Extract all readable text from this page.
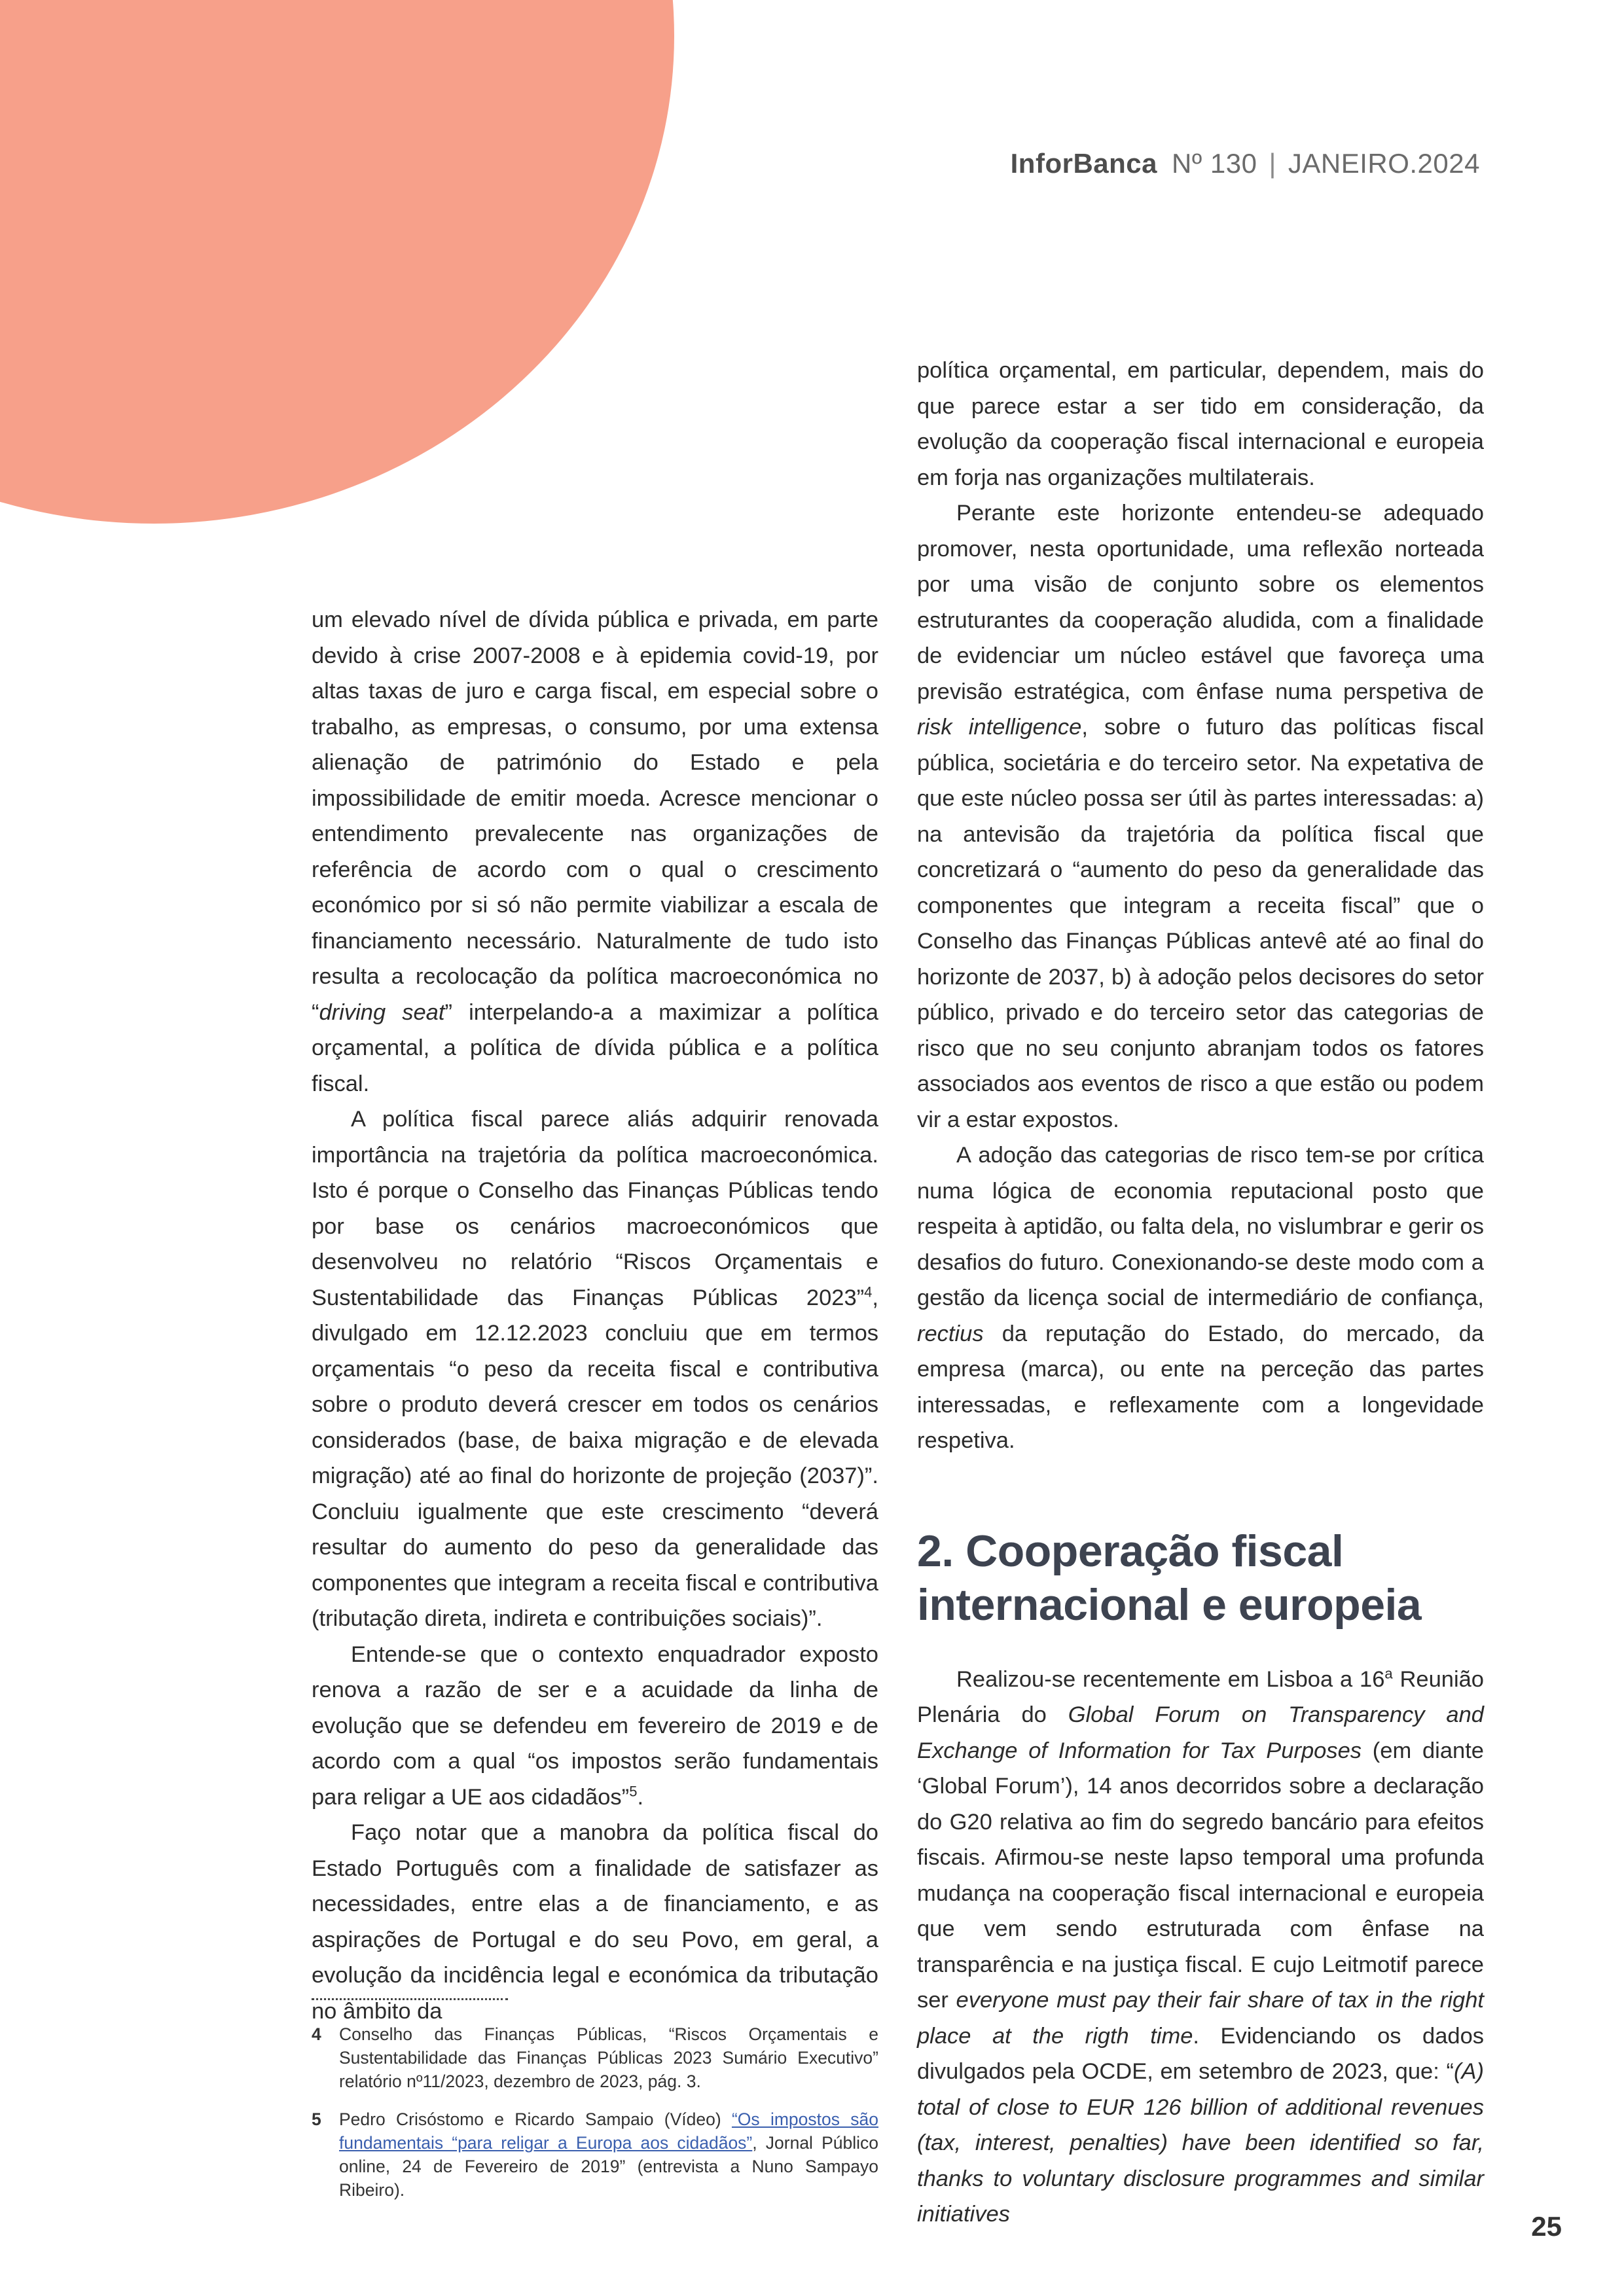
InforBanca Nº 130 | JANEIRO.2024

um elevado nível de dívida pública e privada, em parte devido à crise 2007-2008 e à epidemia covid-19, por altas taxas de juro e carga fiscal, em especial sobre o trabalho, as empresas, o consumo, por uma extensa alienação de património do Estado e pela impossibilidade de emitir moeda. Acresce mencionar o entendimento prevalecente nas organizações de referência de acordo com o qual o crescimento económico por si só não permite viabilizar a escala de financiamento necessário. Naturalmente de tudo isto resulta a recolocação da política macroeconómica no “driving seat” interpelando-a a maximizar a política orçamental, a política de dívida pública e a política fiscal.

A política fiscal parece aliás adquirir renovada importância na trajetória da política macroeconómica. Isto é porque o Conselho das Finanças Públicas tendo por base os cenários macroeconómicos que desenvolveu no relatório “Riscos Orçamentais e Sustentabilidade das Finanças Públicas 2023”$^4$, divulgado em 12.12.2023 concluiu que em termos orçamentais “o peso da receita fiscal e contributiva sobre o produto deverá crescer em todos os cenários considerados (base, de baixa migração e de elevada migração) até ao final do horizonte de projeção (2037)”. Concluiu igualmente que este crescimento “deverá resultar do aumento do peso da generalidade das componentes que integram a receita fiscal e contributiva (tributação direta, indireta e contribuições sociais)”.

Entende-se que o contexto enquadrador exposto renova a razão de ser e a acuidade da linha de evolução que se defendeu em fevereiro de 2019 e de acordo com a qual “os impostos serão fundamentais para religar a UE aos cidadãos”$^5$.

Faço notar que a manobra da política fiscal do Estado Português com a finalidade de satisfazer as necessidades, entre elas a de financiamento, e as aspirações de Portugal e do seu Povo, em geral, a evolução da incidência legal e económica da tributação no âmbito da

política orçamental, em particular, dependem, mais do que parece estar a ser tido em consideração, da evolução da cooperação fiscal internacional e europeia em forja nas organizações multilaterais.

Perante este horizonte entendeu-se adequado promover, nesta oportunidade, uma reflexão norteada por uma visão de conjunto sobre os elementos estruturantes da cooperação aludida, com a finalidade de evidenciar um núcleo estável que favoreça uma previsão estratégica, com ênfase numa perspetiva de risk intelligence, sobre o futuro das políticas fiscal pública, societária e do terceiro setor. Na expetativa de que este núcleo possa ser útil às partes interessadas: a) na antevisão da trajetória da política fiscal que concretizará o “aumento do peso da generalidade das componentes que integram a receita fiscal” que o Conselho das Finanças Públicas antevê até ao final do horizonte de 2037, b) à adoção pelos decisores do setor público, privado e do terceiro setor das categorias de risco que no seu conjunto abranjam todos os fatores associados aos eventos de risco a que estão ou podem vir a estar expostos.

A adoção das categorias de risco tem-se por crítica numa lógica de economia reputacional posto que respeita à aptidão, ou falta dela, no vislumbrar e gerir os desafios do futuro. Conexionando-se deste modo com a gestão da licença social de intermediário de confiança, rectius da reputação do Estado, do mercado, da empresa (marca), ou ente na perceção das partes interessadas, e reflexamente com a longevidade respetiva.

2. Cooperação fiscal internacional e europeia

Realizou-se recentemente em Lisboa a 16$^a$ Reunião Plenária do Global Forum on Transparency and Exchange of Information for Tax Purposes (em diante ‘Global Forum’), 14 anos decorridos sobre a declaração do G20 relativa ao fim do segredo bancário para efeitos fiscais. Afirmou-se neste lapso temporal uma profunda mudança na cooperação fiscal internacional e europeia que vem sendo estruturada com ênfase na transparência e na justiça fiscal. E cujo Leitmotif parece ser everyone must pay their fair share of tax in the right place at the rigth time. Evidenciando os dados divulgados pela OCDE, em setembro de 2023, que: “(A) total of close to EUR 126 billion of additional revenues (tax, interest, penalties) have been identified so far, thanks to voluntary disclosure programmes and similar initiatives

4 Conselho das Finanças Públicas, “Riscos Orçamentais e Sustentabilidade das Finanças Públicas 2023 Sumário Executivo” relatório nº11/2023, dezembro de 2023, pág. 3.
5 Pedro Crisóstomo e Ricardo Sampaio (Vídeo) “Os impostos são fundamentais “para religar a Europa aos cidadãos”, Jornal Público online, 24 de Fevereiro de 2019” (entrevista a Nuno Sampayo Ribeiro).
25
